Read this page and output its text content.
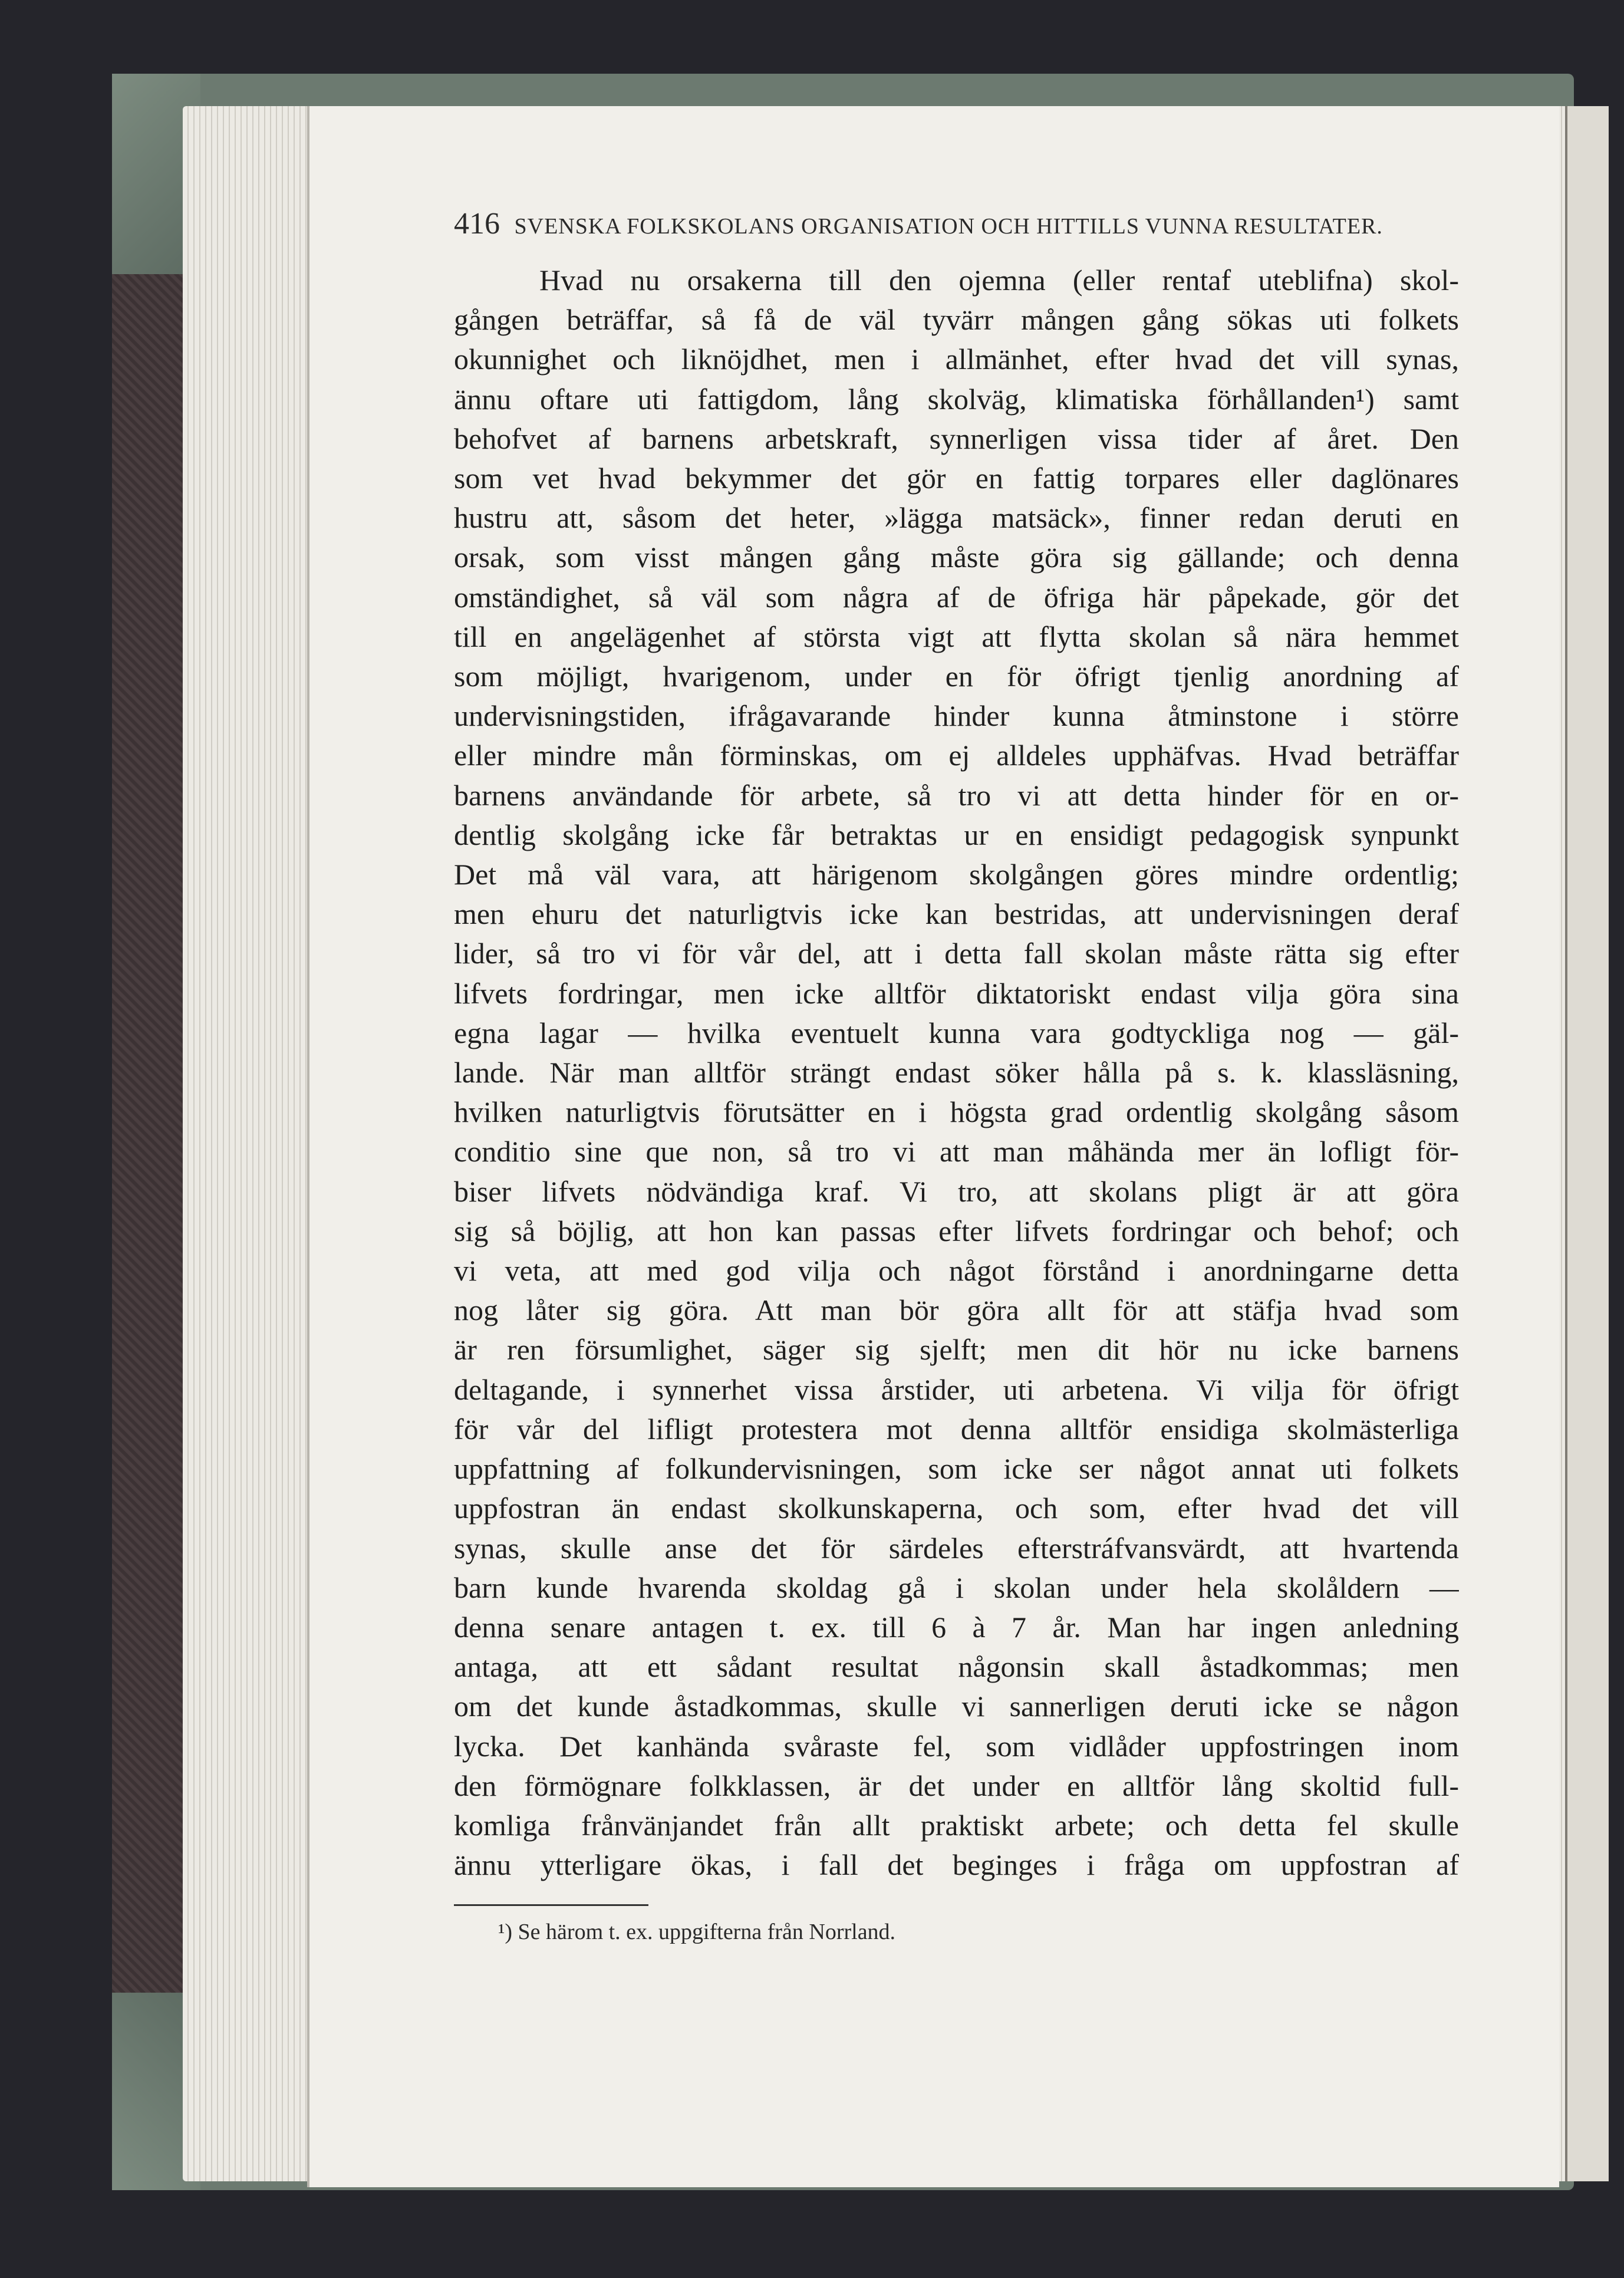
416 SVENSKA FOLKSKOLANS ORGANISATION OCH HITTILLS VUNNA RESULTATER.
Hvad nu orsakerna till den ojemna (eller rentaf uteblifna) skol-
gången beträffar, så få de väl tyvärr mången gång sökas uti folkets
okunnighet och liknöjdhet, men i allmänhet, efter hvad det vill synas,
ännu oftare uti fattigdom, lång skolväg, klimatiska förhållanden¹) samt
behofvet af barnens arbetskraft, synnerligen vissa tider af året. Den
som vet hvad bekymmer det gör en fattig torpares eller daglönares
hustru att, såsom det heter, »lägga matsäck», finner redan deruti en
orsak, som visst mången gång måste göra sig gällande; och denna
omständighet, så väl som några af de öfriga här påpekade, gör det
till en angelägenhet af största vigt att flytta skolan så nära hemmet
som möjligt, hvarigenom, under en för öfrigt tjenlig anordning af
undervisningstiden, ifrågavarande hinder kunna åtminstone i större
eller mindre mån förminskas, om ej alldeles upphäfvas. Hvad beträffar
barnens användande för arbete, så tro vi att detta hinder för en or-
dentlig skolgång icke får betraktas ur en ensidigt pedagogisk synpunkt
Det må väl vara, att härigenom skolgången göres mindre ordentlig;
men ehuru det naturligtvis icke kan bestridas, att undervisningen deraf
lider, så tro vi för vår del, att i detta fall skolan måste rätta sig efter
lifvets fordringar, men icke alltför diktatoriskt endast vilja göra sina
egna lagar — hvilka eventuelt kunna vara godtyckliga nog — gäl-
lande. När man alltför strängt endast söker hålla på s. k. klassläsning,
hvilken naturligtvis förutsätter en i högsta grad ordentlig skolgång såsom
conditio sine que non, så tro vi att man måhända mer än lofligt för-
biser lifvets nödvändiga kraf. Vi tro, att skolans pligt är att göra
sig så böjlig, att hon kan passas efter lifvets fordringar och behof; och
vi veta, att med god vilja och något förstånd i anordningarne detta
nog låter sig göra. Att man bör göra allt för att stäfja hvad som
är ren försumlighet, säger sig sjelft; men dit hör nu icke barnens
deltagande, i synnerhet vissa årstider, uti arbetena. Vi vilja för öfrigt
för vår del lifligt protestera mot denna alltför ensidiga skolmästerliga
uppfattning af folkundervisningen, som icke ser något annat uti folkets
uppfostran än endast skolkunskaperna, och som, efter hvad det vill
synas, skulle anse det för särdeles efterstráfvansvärdt, att hvartenda
barn kunde hvarenda skoldag gå i skolan under hela skolåldern —
denna senare antagen t. ex. till 6 à 7 år. Man har ingen anledning
antaga, att ett sådant resultat någonsin skall åstadkommas; men
om det kunde åstadkommas, skulle vi sannerligen deruti icke se någon
lycka. Det kanhända svåraste fel, som vidlåder uppfostringen inom
den förmögnare folkklassen, är det under en alltför lång skoltid full-
komliga frånvänjandet från allt praktiskt arbete; och detta fel skulle
ännu ytterligare ökas, i fall det beginges i fråga om uppfostran af
¹) Se härom t. ex. uppgifterna från Norrland.
